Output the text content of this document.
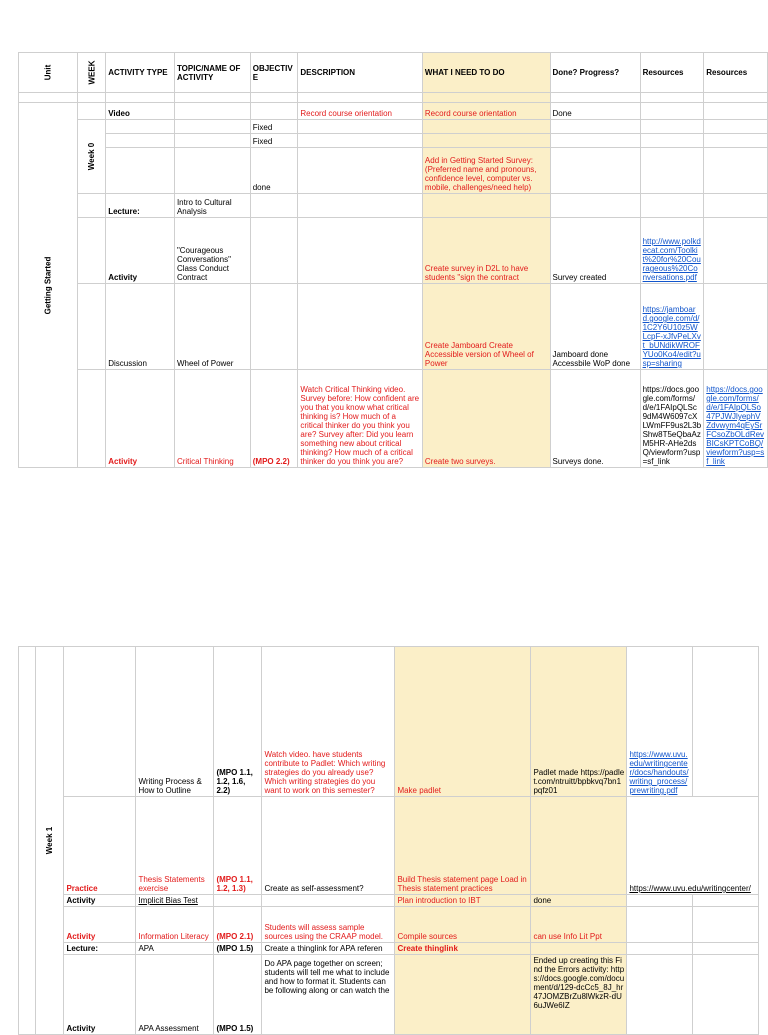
Unit	WEEK	ACTIVITY TYPE	TOPIC/NAME OF ACTIVITY	OBJECTIV E	DESCRIPTION	WHAT I NEED TO DO	Done? Progress?	Resources	Resources

Getting Started		Video			Record course orientation	Record course orientation	Done		
	Week 0			Fixed					
				Fixed					
				done		Add in Getting Started Survey: (Preferred name and pronouns, confidence level, computer vs. mobile, challenges/need help)			
		Lecture:	Intro to Cultural Analysis						
		Activity	"Courageous Conversations" Class Conduct Contract			Create survey in D2L to have students "sign the contract	Survey created	http://www.polkdecat.com/Toolkit%20for%20Courageous%20Conversations.pdf	
		Discussion	Wheel of Power			Create Jamboard Create Accessible version of Wheel of Power	Jamboard done Accessbile WoP done	https://jamboard.google.com/d/1C2Y6U10z5WLcpF-xJfvPeLXvt_bUNdikWROFYUo0Ko4/edit?usp=sharing	
		Activity	Critical Thinking	(MPO 2.2)	Watch Critical Thinking video. Survey before: How confident are you that you know what critical thinking is? How much of a critical thinker do you think you are? Survey after: Did you learn something new about critical thinking? How much of a critical thinker do you think you are?	Create two surveys.	Surveys done.	https://docs.google.com/forms/d/e/1FAIpQLSc9dM4W6097cXLWmFF9us2L3bShw8T5eQbaAzM5HR-AHe2dsQ/viewform?usp=sf_link	https://docs.google.com/forms/d/e/1FAIpQLSo47PJWJlyephVZdvwym4qEySrFCsoZbOLdRevBICsKPTCoBQ/viewform?usp=sf_link
	Week 1		Writing Process & How to Outline	(MPO 1.1, 1.2, 1.6, 2.2)	Watch video. have students contribute to Padlet: Which writing strategies do you already use? Which writing strategies do you want to work on this semester?	Make padlet	Padlet made https://padlet.com/ntruitt/bpbkvq7bn1pqfz01	https://www.uvu.edu/writingcenter/docs/handouts/writing_process/prewriting.pdf	
		Practice	Thesis Statements exercise	(MPO 1.1, 1.2, 1.3)	Create as self-assessment?	Build Thesis statement page Load in Thesis statement practices		https://www.uvu.edu/writingcenter/	
		Activity	Implicit Bias Test			Plan introduction to IBT	done		
		Activity	Information Literacy	(MPO 2.1)	Students will assess sample sources using the CRAAP model.	Compile sources	can use Info Lit Ppt		
		Lecture:	APA	(MPO 1.5)	Create a thinglink for APA referen	Create thinglink			
		Activity	APA Assessment	(MPO 1.5)	Do APA page together on screen; students will tell me what to include and how to format it. Students can be following along or can watch the		Ended up creating this Find the Errors activity: https://docs.google.com/document/d/129-dcCc5_8J_hr47JOMZBrZu8lWkzR-dU6uJWe6IZ		
